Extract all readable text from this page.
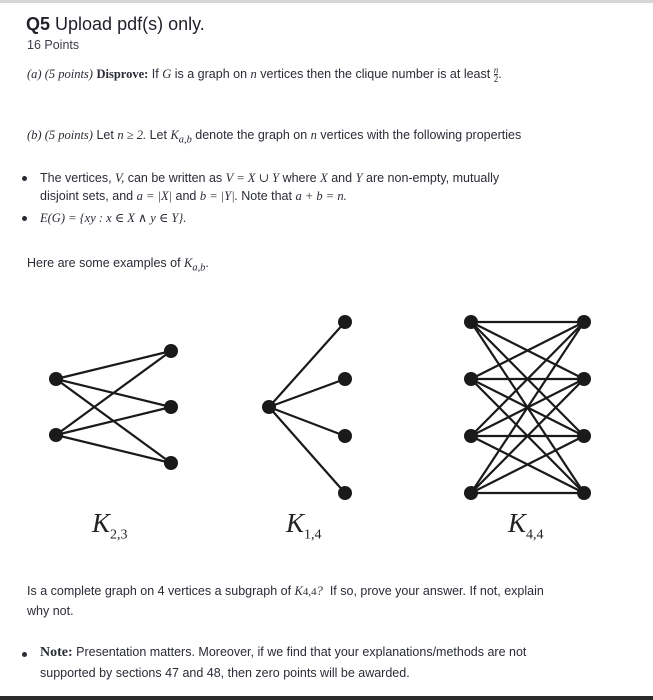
Q5 Upload pdf(s) only.
16 Points
(a) (5 points) Disprove: If G is a graph on n vertices then the clique number is at least $\frac{n}{2}$ .
(b) (5 points) Let n ≥ 2. Let $K_{a,b}$ denote the graph on n vertices with the following properties
The vertices, V, can be written as V = X ∪ Y where X and Y are non-empty, mutually
disjoint sets, and a = |X| and b = |Y|. Note that a + b = n.
E(G) = {xy : x ∈ X ∧ y ∈ Y}.
Here are some examples of $K_{a,b}$.
$K_{2,3}$	$K_{1,4}$	$K_{4,4}$
Is a complete graph on 4 vertices a subgraph of K4,4? If so, prove your answer. If not, explain
why not.
Note: Presentation matters. Moreover, if we find that your explanations/methods are not
supported by sections 47 and 48, then zero points will be awarded.
